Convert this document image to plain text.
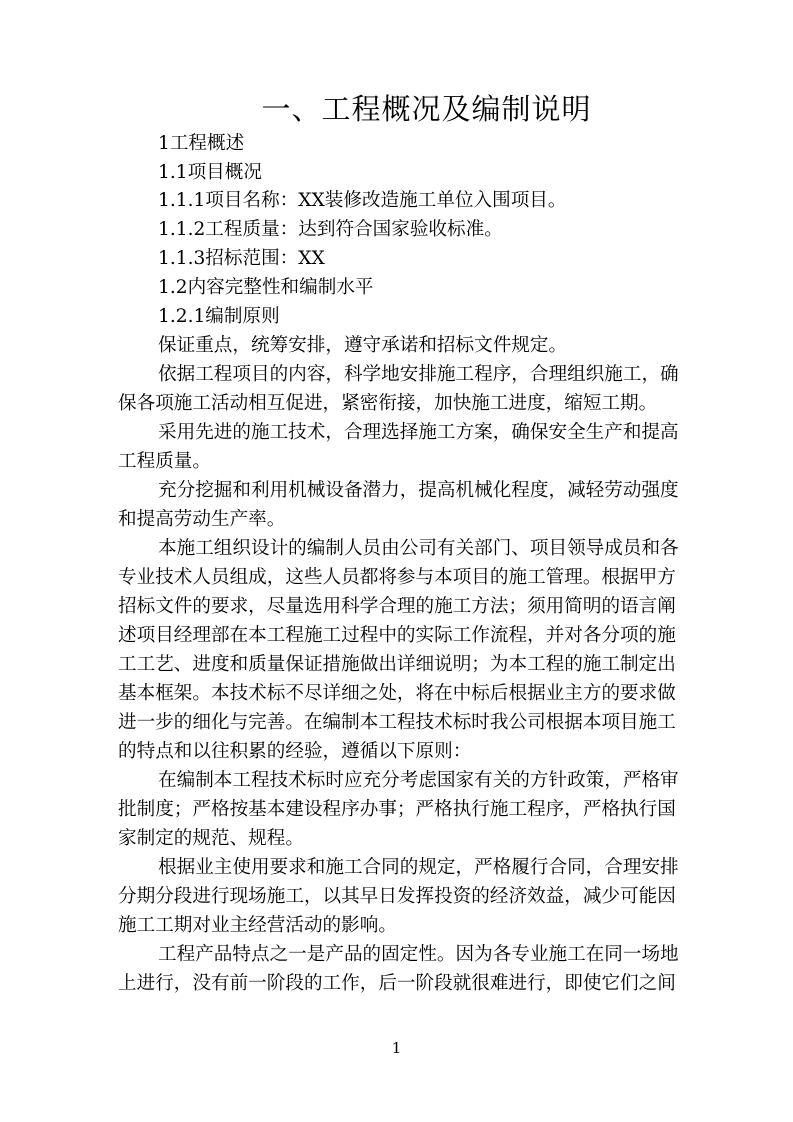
一、工程概况及编制说明
1工程概述
1.1项目概况
1.1.1项目名称：XX装修改造施工单位入围项目。
1.1.2工程质量：达到符合国家验收标准。
1.1.3招标范围：XX
1.2内容完整性和编制水平
1.2.1编制原则
保证重点，统筹安排，遵守承诺和招标文件规定。
依据工程项目的内容，科学地安排施工程序，合理组织施工，确
保各项施工活动相互促进，紧密衔接，加快施工进度，缩短工期。
采用先进的施工技术，合理选择施工方案，确保安全生产和提高
工程质量。
充分挖掘和利用机械设备潜力，提高机械化程度，减轻劳动强度
和提高劳动生产率。
本施工组织设计的编制人员由公司有关部门、项目领导成员和各
专业技术人员组成，这些人员都将参与本项目的施工管理。根据甲方
招标文件的要求，尽量选用科学合理的施工方法；须用简明的语言阐
述项目经理部在本工程施工过程中的实际工作流程，并对各分项的施
工工艺、进度和质量保证措施做出详细说明；为本工程的施工制定出
基本框架。本技术标不尽详细之处，将在中标后根据业主方的要求做
进一步的细化与完善。在编制本工程技术标时我公司根据本项目施工
的特点和以往积累的经验，遵循以下原则：
在编制本工程技术标时应充分考虑国家有关的方针政策，严格审
批制度；严格按基本建设程序办事；严格执行施工程序，严格执行国
家制定的规范、规程。
根据业主使用要求和施工合同的规定，严格履行合同，合理安排
分期分段进行现场施工，以其早日发挥投资的经济效益，减少可能因
施工工期对业主经营活动的影响。
工程产品特点之一是产品的固定性。因为各专业施工在同一场地
上进行，没有前一阶段的工作，后一阶段就很难进行，即使它们之间
1
